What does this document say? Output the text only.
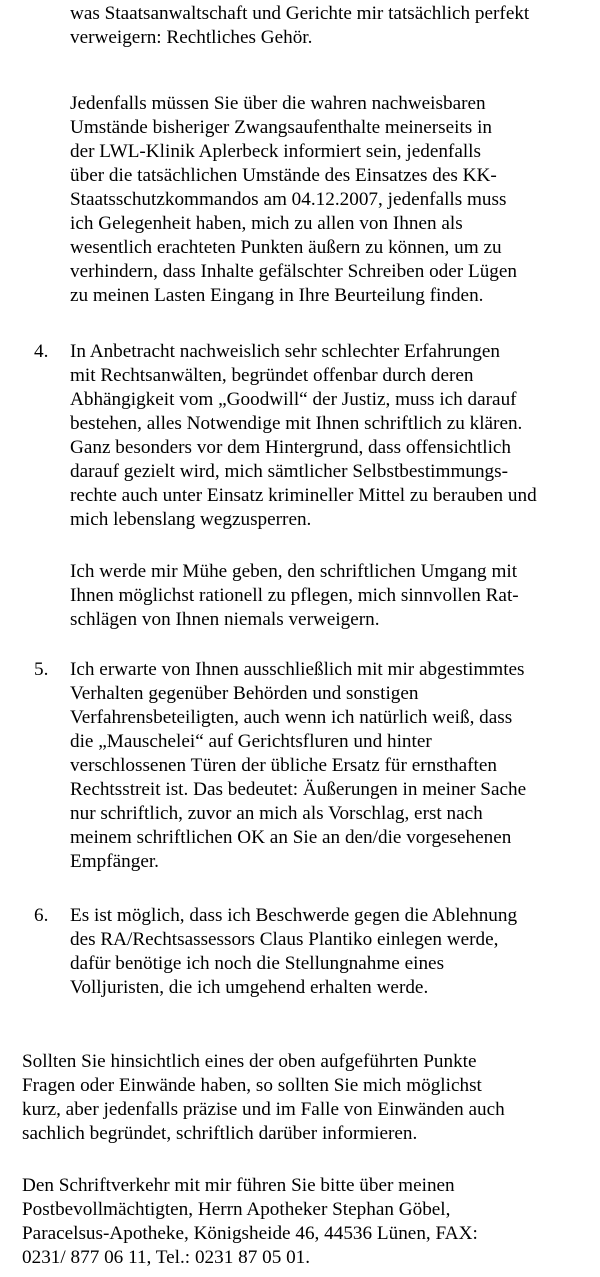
was Staatsanwaltschaft und Gerichte mir tatsächlich perfekt
verweigern: Rechtliches Gehör.
Jedenfalls müssen Sie über die wahren nachweisbaren
Umstände bisheriger Zwangsaufenthalte meinerseits in
der LWL-Klinik Aplerbeck informiert sein, jedenfalls
über die tatsächlichen Umstände des Einsatzes des KK-
Staatsschutzkommandos am 04.12.2007, jedenfalls muss
ich Gelegenheit haben, mich zu allen von Ihnen als
wesentlich erachteten Punkten äußern zu können, um zu
verhindern, dass Inhalte gefälschter Schreiben oder Lügen
zu meinen Lasten Eingang in Ihre Beurteilung finden.
4. In Anbetracht nachweislich sehr schlechter Erfahrungen
mit Rechtsanwälten, begründet offenbar durch deren
Abhängigkeit vom „Goodwill“ der Justiz, muss ich darauf
bestehen, alles Notwendige mit Ihnen schriftlich zu klären.
Ganz besonders vor dem Hintergrund, dass offensichtlich
darauf gezielt wird, mich sämtlicher Selbstbestimmungs-
rechte auch unter Einsatz krimineller Mittel zu berauben und
mich lebenslang wegzusperren.
Ich werde mir Mühe geben, den schriftlichen Umgang mit
Ihnen möglichst rationell zu pflegen, mich sinnvollen Rat-
schlägen von Ihnen niemals verweigern.
5. Ich erwarte von Ihnen ausschließlich mit mir abgestimmtes
Verhalten gegenüber Behörden und sonstigen
Verfahrensbeteiligten, auch wenn ich natürlich weiß, dass
die „Mauschelei“ auf Gerichtsfluren und hinter
verschlossenen Türen der übliche Ersatz für ernsthaften
Rechtsstreit ist. Das bedeutet: Äußerungen in meiner Sache
nur schriftlich, zuvor an mich als Vorschlag, erst nach
meinem schriftlichen OK an Sie an den/die vorgesehenen
Empfänger.
6. Es ist möglich, dass ich Beschwerde gegen die Ablehnung
des RA/Rechtsassessors Claus Plantiko einlegen werde,
dafür benötige ich noch die Stellungnahme eines
Volljuristen, die ich umgehend erhalten werde.
Sollten Sie hinsichtlich eines der oben aufgeführten Punkte
Fragen oder Einwände haben, so sollten Sie mich möglichst
kurz, aber jedenfalls präzise und im Falle von Einwänden auch
sachlich begründet, schriftlich darüber informieren.
Den Schriftverkehr mit mir führen Sie bitte über meinen
Postbevollmächtigten, Herrn Apotheker Stephan Göbel,
Paracelsus-Apotheke, Königsheide 46, 44536 Lünen, FAX:
0231/ 877 06 11, Tel.: 0231 87 05 01.
